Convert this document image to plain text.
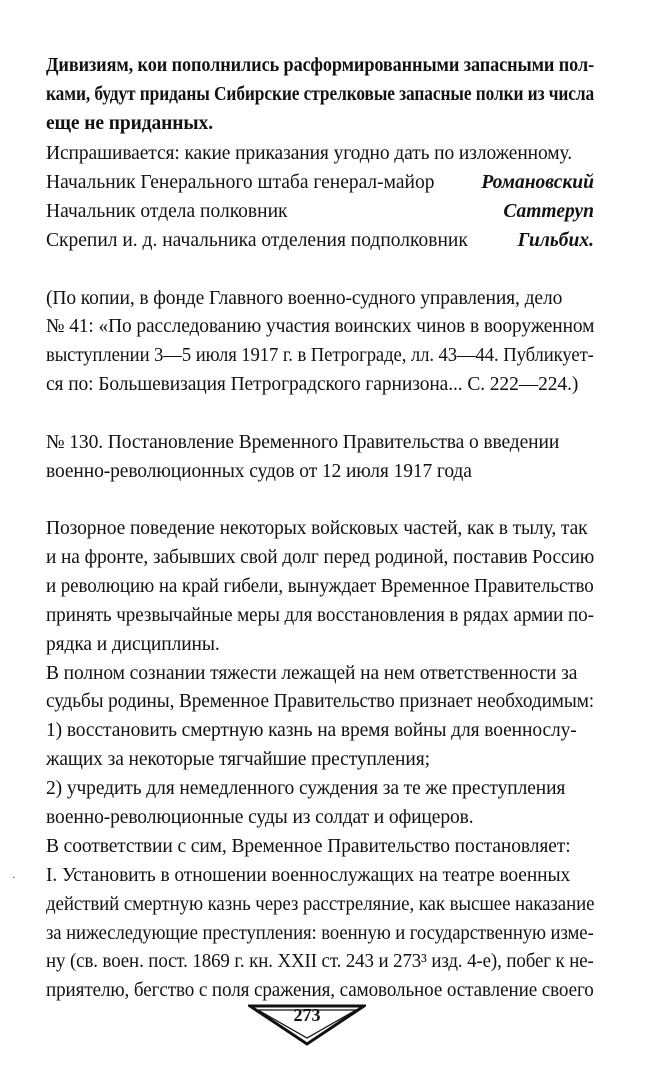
Дивизиям, кои пополнились расформированными запасными пол-
ками, будут приданы Сибирские стрелковые запасные полки из числа
еще не приданных.
Испрашивается: какие приказания угодно дать по изложенному.
Начальник Генерального штаба генерал-майор Романовский
Начальник отдела полковник	Саттеруп
Скрепил и. д. начальника отделения подполковник	Гильбих.
(По копии, в фонде Главного военно-судного управления, дело
№ 41: «По расследованию участия воинских чинов в вооруженном
выступлении 3—5 июля 1917 г. в Петрограде, лл. 43—44. Публикует-
ся по: Большевизация Петроградского гарнизона... С. 222—224.)
№ 130. Постановление Временного Правительства о введении
военно-революционных судов от 12 июля 1917 года
Позорное поведение некоторых войсковых частей, как в тылу, так
и на фронте, забывших свой долг перед родиной, поставив Россию
и революцию на край гибели, вынуждает Временное Правительство
принять чрезвычайные меры для восстановления в рядах армии по-
рядка и дисциплины.
В полном сознании тяжести лежащей на нем ответственности за
судьбы родины, Временное Правительство признает необходимым:
1) восстановить смертную казнь на время войны для военнослу-
жащих за некоторые тягчайшие преступления;
2) учредить для немедленного суждения за те же преступления
военно-революционные суды из солдат и офицеров.
В соответствии с сим, Временное Правительство постановляет:
I. Установить в отношении военнослужащих на театре военных
действий смертную казнь через расстреляние, как высшее наказание
за нижеследующие преступления: военную и государственную изме-
ну (св. воен. пост. 1869 г. кн. XXII ст. 243 и 273³ изд. 4-е), побег к не-
приятелю, бегство с поля сражения, самовольное оставление своего
·
273
